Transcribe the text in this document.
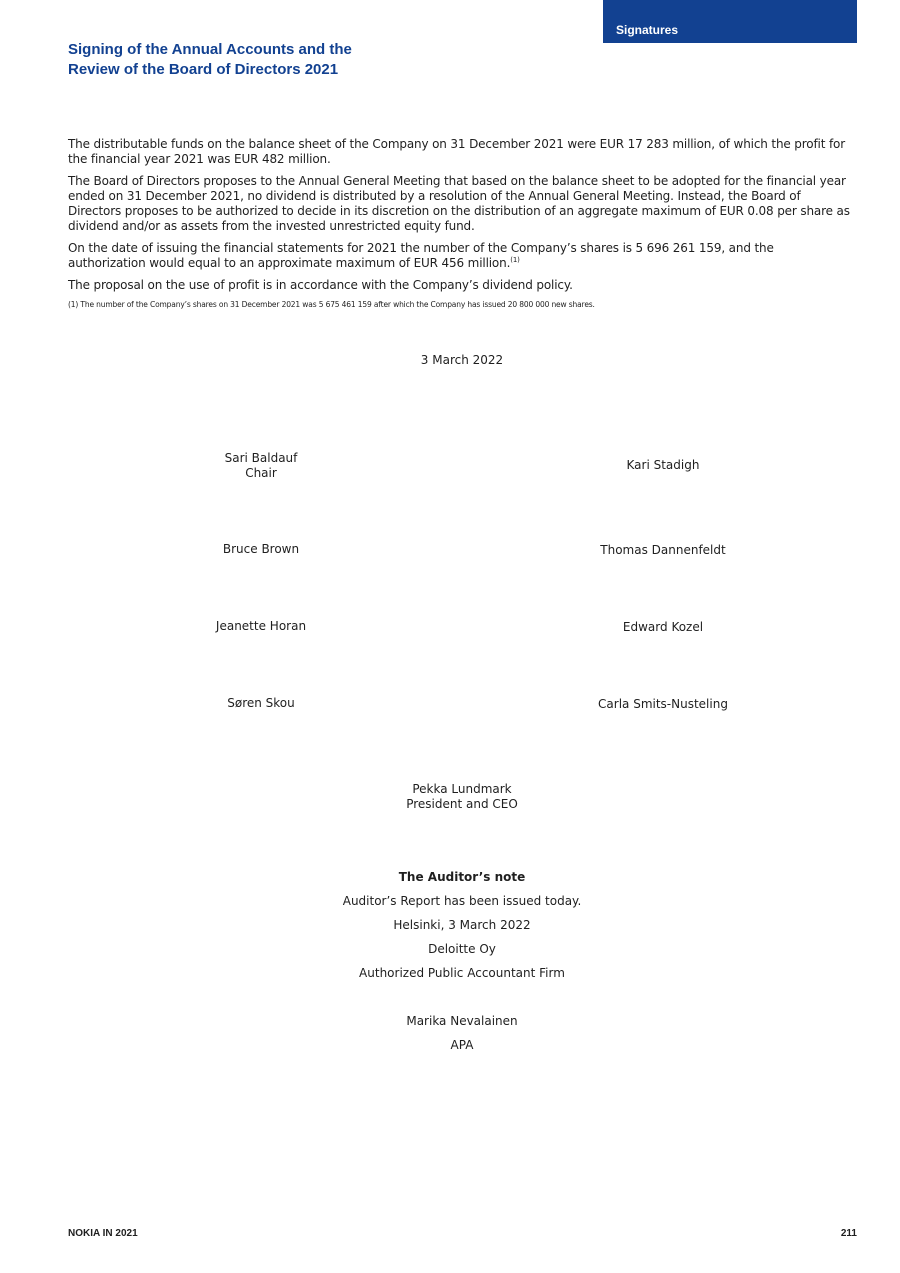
Signatures
Signing of the Annual Accounts and the
Review of the Board of Directors 2021

The distributable funds on the balance sheet of the Company on 31 December 2021 were EUR 17 283 million, of which the profit for the financial year 2021 was EUR 482 million.

The Board of Directors proposes to the Annual General Meeting that based on the balance sheet to be adopted for the financial year ended on 31 December 2021, no dividend is distributed by a resolution of the Annual General Meeting. Instead, the Board of Directors proposes to be authorized to decide in its discretion on the distribution of an aggregate maximum of EUR 0.08 per share as dividend and/or as assets from the invested unrestricted equity fund.

On the date of issuing the financial statements for 2021 the number of the Company’s shares is 5 696 261 159, and the authorization would equal to an approximate maximum of EUR 456 million.$^{(1)}$

The proposal on the use of profit is in accordance with the Company’s dividend policy.

(1) The number of the Company’s shares on 31 December 2021 was 5 675 461 159 after which the Company has issued 20 800 000 new shares.

3 March 2022
Sari Baldauf
Chair
Kari Stadigh
Bruce Brown	Thomas Dannenfeldt
Jeanette Horan	Edward Kozel
Søren Skou	Carla Smits-Nusteling
Pekka Lundmark
President and CEO
The Auditor’s note
Auditor’s Report has been issued today.
Helsinki, 3 March 2022
Deloitte Oy
Authorized Public Accountant Firm
Marika Nevalainen
APA
NOKIA IN 2021	211
